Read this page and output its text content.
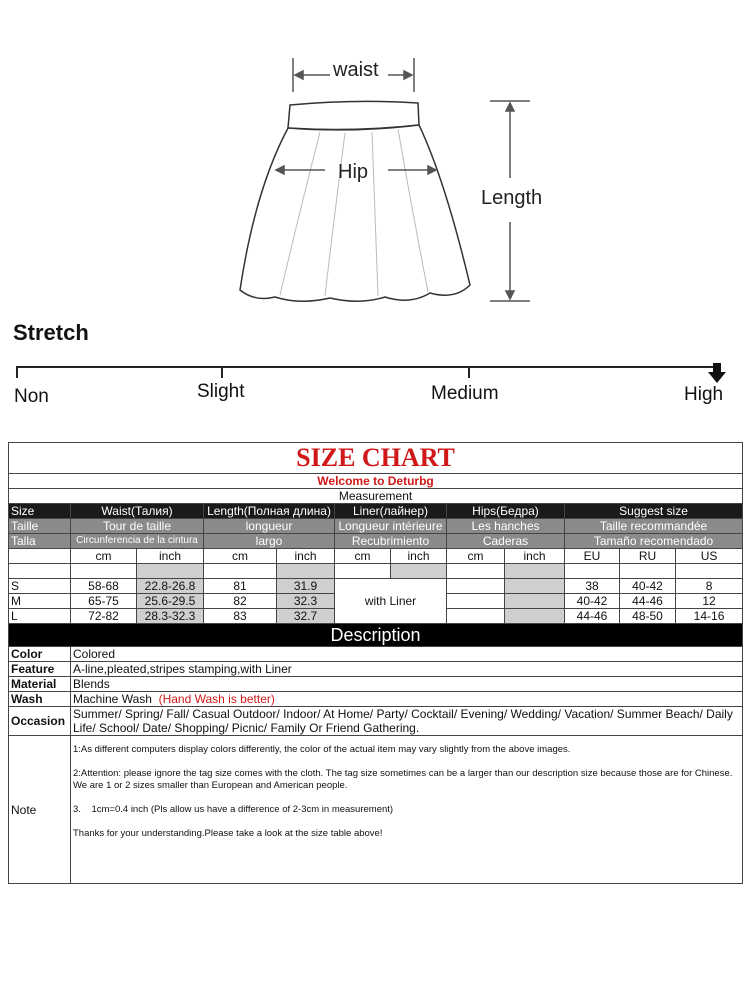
waist
Hip
Length
Stretch
Non	Slight	Medium	High
SIZE CHART											
Welcome to Deturbg											
Measurement											
Size	Waist(Талия)		Length(Полная длина)		Liner(лайнер)		Hips(Бедра)		Suggest size		
Taille	Tour de taille		longueur		Longueur intérieure		Les hanches		Taille recommandée		
Talla	Circunferencia de la cintura		largo		Recubrimiento		Caderas		Tamaño recomendado		
	cm	inch	cm	inch	cm	inch	cm	inch	EU	RU	US

S	58-68	22.8-26.8	81	31.9	with Liner				38	40-42	8
M	65-75	25.6-29.5	82	32.3					40-42	44-46	12
L	72-82	28.3-32.3	83	32.7					44-46	48-50	14-16
Description											
Color	Colored										
Feature	A-line,pleated,stripes stamping,with Liner										
Material	Blends										
Wash	Machine Wash (Hand Wash is better)										
Occasion	Summer/ Spring/ Fall/ Casual Outdoor/ Indoor/ At Home/ Party/ Cocktail/ Evening/ Wedding/ Vacation/ Summer Beach/ Daily Life/ School/ Date/ Shopping/ Picnic/ Family Or Friend Gathering.										
Note	1:As different computers display colors differently, the color of the actual item may vary slightly from the above images.

2:Attention: please ignore the tag size comes with the cloth. The tag size sometimes can be a larger than our description size because those are for Chinese. We are 1 or 2 sizes smaller than European and American people.

3.    1cm=0.4 inch (Pls allow us have a difference of 2-3cm in measurement)

Thanks for your understanding.Please take a look at the size table above!										
